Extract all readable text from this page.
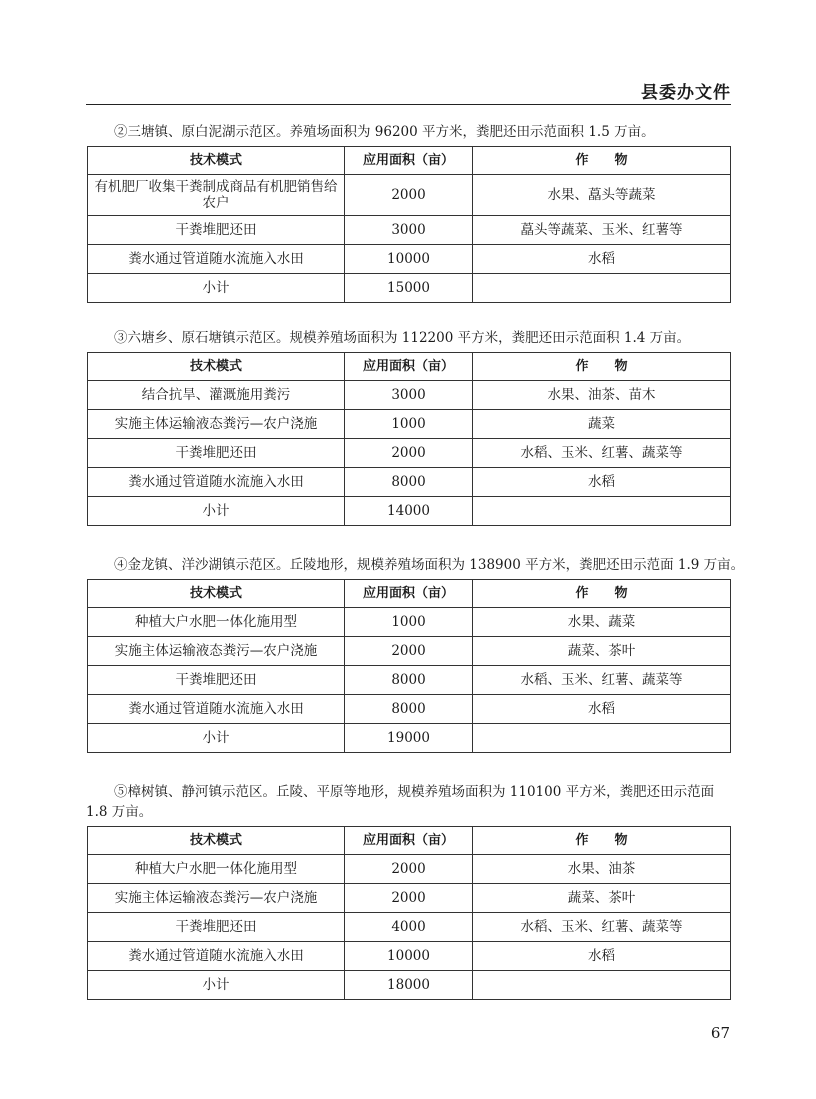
县委办文件

②三塘镇、原白泥湖示范区。养殖场面积为 96200 平方米，粪肥还田示范面积 1.5 万亩。

技术模式	应用面积（亩）	作　　物
有机肥厂收集干粪制成商品有机肥销售给农户	2000	水果、藠头等蔬菜
干粪堆肥还田	3000	藠头等蔬菜、玉米、红薯等
粪水通过管道随水流施入水田	10000	水稻
小计	15000	

③六塘乡、原石塘镇示范区。规模养殖场面积为 112200 平方米，粪肥还田示范面积 1.4 万亩。

技术模式	应用面积（亩）	作　　物
结合抗旱、灌溉施用粪污	3000	水果、油茶、苗木
实施主体运输液态粪污—农户浇施	1000	蔬菜
干粪堆肥还田	2000	水稻、玉米、红薯、蔬菜等
粪水通过管道随水流施入水田	8000	水稻
小计	14000	

④金龙镇、洋沙湖镇示范区。丘陵地形，规模养殖场面积为 138900 平方米，粪肥还田示范面 1.9 万亩。

技术模式	应用面积（亩）	作　　物
种植大户水肥一体化施用型	1000	水果、蔬菜
实施主体运输液态粪污—农户浇施	2000	蔬菜、茶叶
干粪堆肥还田	8000	水稻、玉米、红薯、蔬菜等
粪水通过管道随水流施入水田	8000	水稻
小计	19000	

⑤樟树镇、静河镇示范区。丘陵、平原等地形，规模养殖场面积为 110100 平方米，粪肥还田示范面 1.8 万亩。

技术模式	应用面积（亩）	作　　物
种植大户水肥一体化施用型	2000	水果、油茶
实施主体运输液态粪污—农户浇施	2000	蔬菜、茶叶
干粪堆肥还田	4000	水稻、玉米、红薯、蔬菜等
粪水通过管道随水流施入水田	10000	水稻
小计	18000	
67
